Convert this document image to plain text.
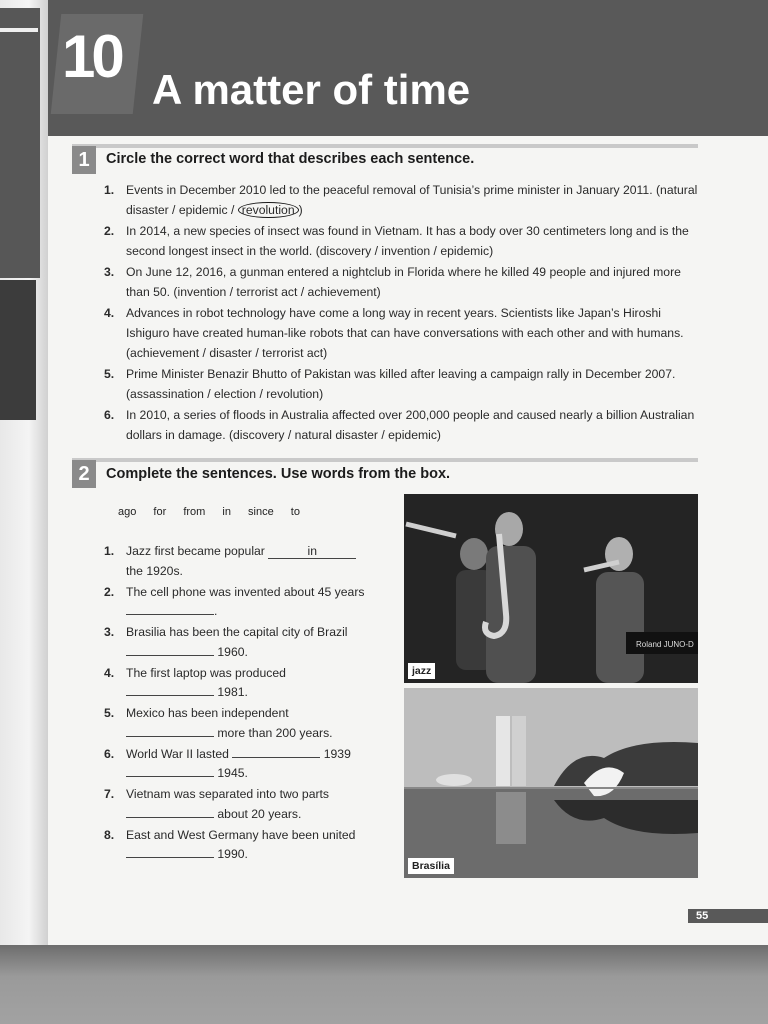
10 A matter of time
1	Circle the correct word that describes each sentence.
1. Events in December 2010 led to the peaceful removal of Tunisia’s prime minister in January 2011. (natural disaster / epidemic / revolution )
2. In 2014, a new species of insect was found in Vietnam. It has a body over 30 centimeters long and is the second longest insect in the world. (discovery / invention / epidemic)
3. On June 12, 2016, a gunman entered a nightclub in Florida where he killed 49 people and injured more than 50. (invention / terrorist act / achievement)
4. Advances in robot technology have come a long way in recent years. Scientists like Japan’s Hiroshi Ishiguro have created human-like robots that can have conversations with each other and with humans. (achievement / disaster / terrorist act)
5. Prime Minister Benazir Bhutto of Pakistan was killed after leaving a campaign rally in December 2007. (assassination / election / revolution)
6. In 2010, a series of floods in Australia affected over 200,000 people and caused nearly a billion Australian dollars in damage. (discovery / natural disaster / epidemic)
2	Complete the sentences. Use words from the box.
ago for from in since to
1. Jazz first became popular	in
the 1920s.
2. The cell phone was invented about 45 years
.
3. Brasilia has been the capital city of Brazil
1960.
4. The first laptop was produced
1981.
5. Mexico has been independent
more than 200 years.
6. World War II lasted	1939
1945.
7. Vietnam was separated into two parts
about 20 years.
8. East and West Germany have been united
1990.
Roland JUNO-D
jazz
Brasília
55
